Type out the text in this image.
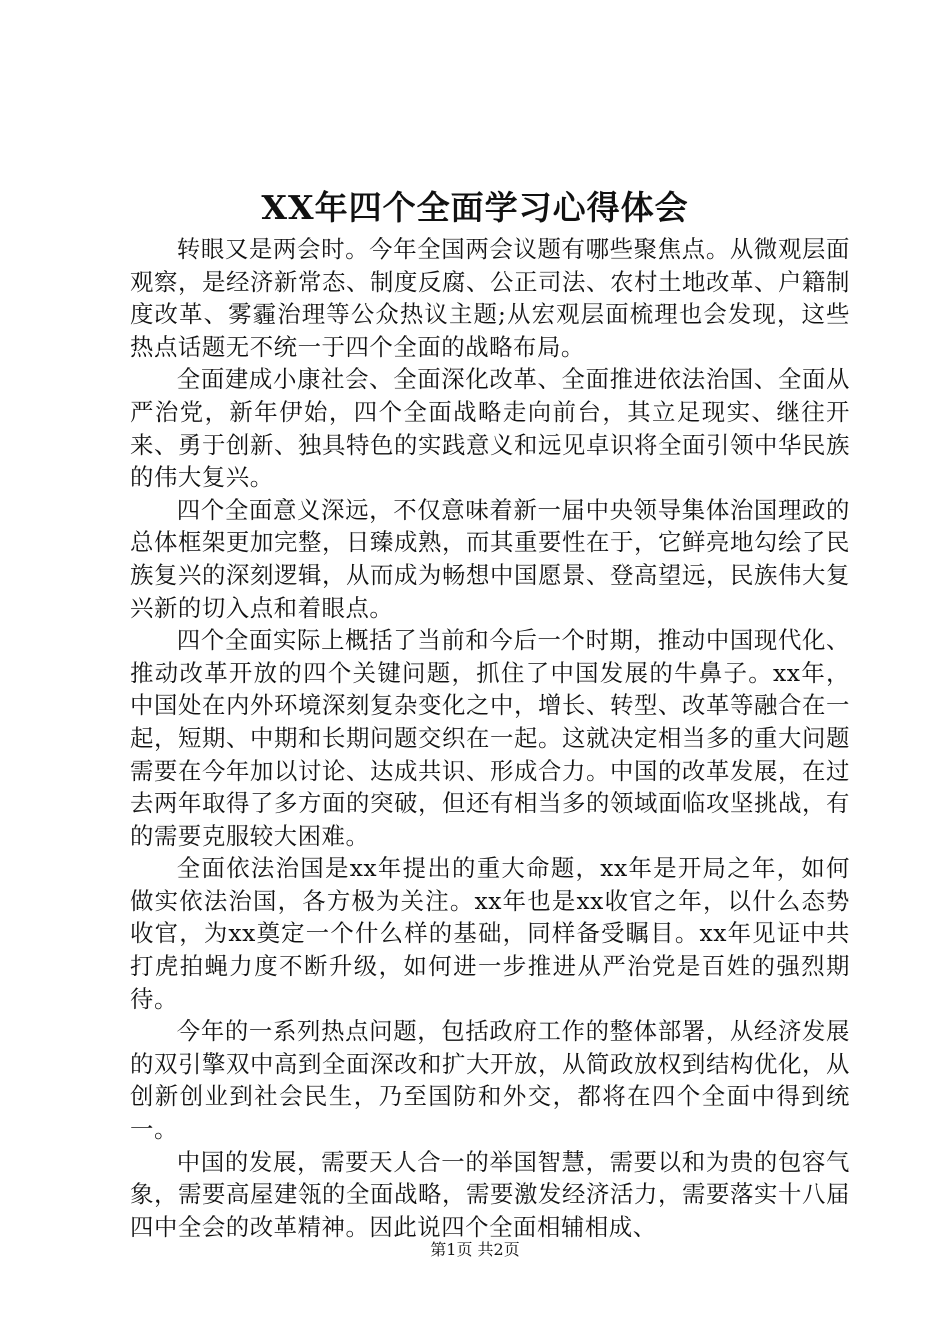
XX年四个全面学习心得体会

转眼又是两会时。今年全国两会议题有哪些聚焦点。从微观层面观察，是经济新常态、制度反腐、公正司法、农村土地改革、户籍制度改革、雾霾治理等公众热议主题;从宏观层面梳理也会发现，这些热点话题无不统一于四个全面的战略布局。

全面建成小康社会、全面深化改革、全面推进依法治国、全面从严治党，新年伊始，四个全面战略走向前台，其立足现实、继往开来、勇于创新、独具特色的实践意义和远见卓识将全面引领中华民族的伟大复兴。

四个全面意义深远，不仅意味着新一届中央领导集体治国理政的总体框架更加完整，日臻成熟，而其重要性在于，它鲜亮地勾绘了民族复兴的深刻逻辑，从而成为畅想中国愿景、登高望远，民族伟大复兴新的切入点和着眼点。

四个全面实际上概括了当前和今后一个时期，推动中国现代化、推动改革开放的四个关键问题，抓住了中国发展的牛鼻子。xx年，中国处在内外环境深刻复杂变化之中，增长、转型、改革等融合在一起，短期、中期和长期问题交织在一起。这就决定相当多的重大问题需要在今年加以讨论、达成共识、形成合力。中国的改革发展，在过去两年取得了多方面的突破，但还有相当多的领域面临攻坚挑战，有的需要克服较大困难。

全面依法治国是xx年提出的重大命题，xx年是开局之年，如何做实依法治国，各方极为关注。xx年也是xx收官之年，以什么态势收官，为xx奠定一个什么样的基础，同样备受瞩目。xx年见证中共打虎拍蝇力度不断升级，如何进一步推进从严治党是百姓的强烈期待。

今年的一系列热点问题，包括政府工作的整体部署，从经济发展的双引擎双中高到全面深改和扩大开放，从简政放权到结构优化，从创新创业到社会民生，乃至国防和外交，都将在四个全面中得到统一。

中国的发展，需要天人合一的举国智慧，需要以和为贵的包容气象，需要高屋建瓴的全面战略，需要激发经济活力，需要落实十八届四中全会的改革精神。因此说四个全面相辅相成、

第1页 共2页
